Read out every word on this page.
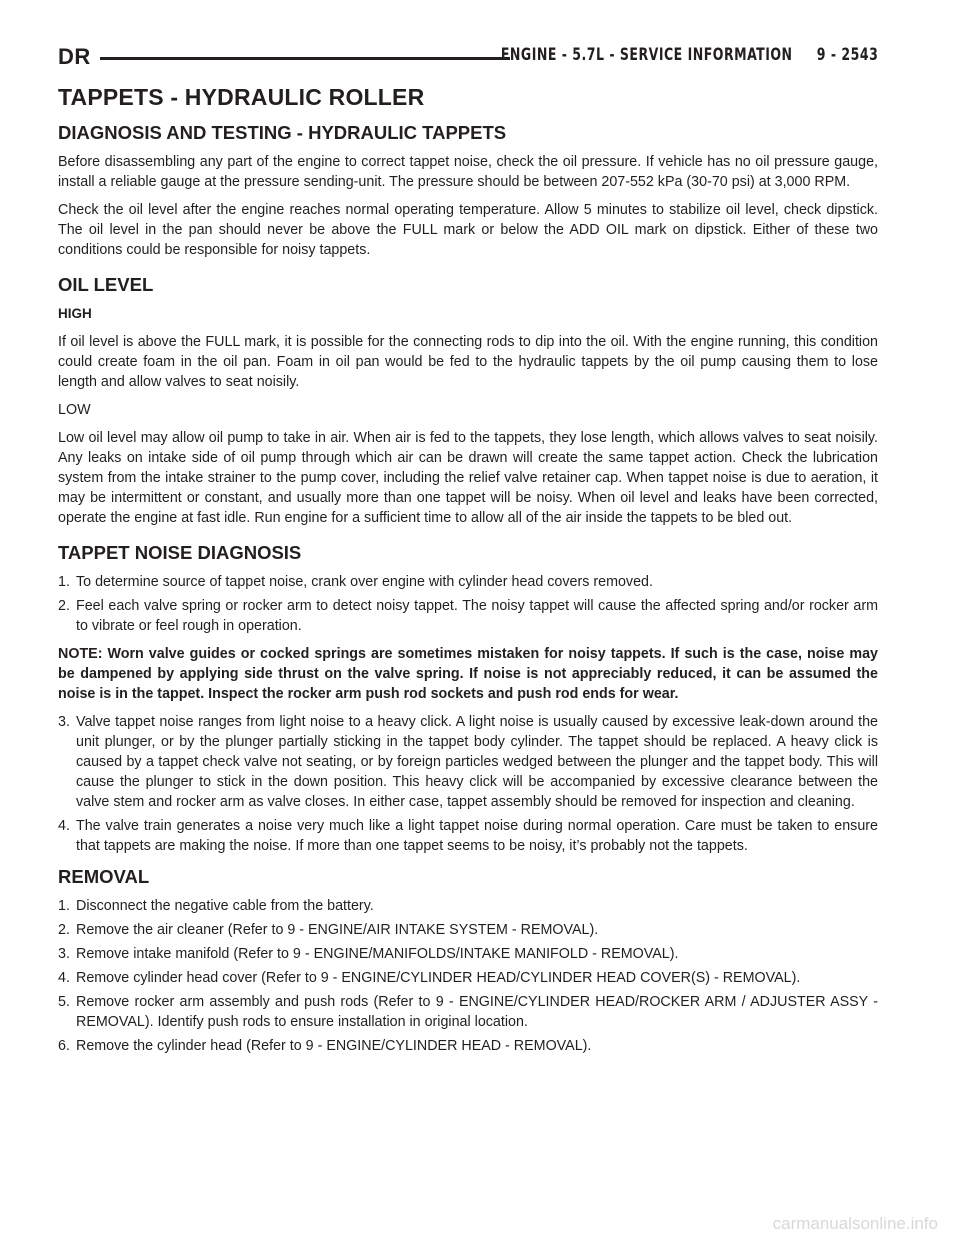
DR	ENGINE - 5.7L - SERVICE INFORMATION     9 - 2543
TAPPETS - HYDRAULIC ROLLER
DIAGNOSIS AND TESTING - HYDRAULIC TAPPETS
Before disassembling any part of the engine to correct tappet noise, check the oil pressure. If vehicle has no oil pressure gauge, install a reliable gauge at the pressure sending-unit. The pressure should be between 207-552 kPa (30-70 psi) at 3,000 RPM.
Check the oil level after the engine reaches normal operating temperature. Allow 5 minutes to stabilize oil level, check dipstick. The oil level in the pan should never be above the FULL mark or below the ADD OIL mark on dipstick. Either of these two conditions could be responsible for noisy tappets.
OIL LEVEL
HIGH
If oil level is above the FULL mark, it is possible for the connecting rods to dip into the oil. With the engine running, this condition could create foam in the oil pan. Foam in oil pan would be fed to the hydraulic tappets by the oil pump causing them to lose length and allow valves to seat noisily.
LOW
Low oil level may allow oil pump to take in air. When air is fed to the tappets, they lose length, which allows valves to seat noisily. Any leaks on intake side of oil pump through which air can be drawn will create the same tappet action. Check the lubrication system from the intake strainer to the pump cover, including the relief valve retainer cap. When tappet noise is due to aeration, it may be intermittent or constant, and usually more than one tappet will be noisy. When oil level and leaks have been corrected, operate the engine at fast idle. Run engine for a sufficient time to allow all of the air inside the tappets to be bled out.
TAPPET NOISE DIAGNOSIS
1. To determine source of tappet noise, crank over engine with cylinder head covers removed.
2. Feel each valve spring or rocker arm to detect noisy tappet. The noisy tappet will cause the affected spring and/or rocker arm to vibrate or feel rough in operation.
NOTE: Worn valve guides or cocked springs are sometimes mistaken for noisy tappets. If such is the case, noise may be dampened by applying side thrust on the valve spring. If noise is not appreciably reduced, it can be assumed the noise is in the tappet. Inspect the rocker arm push rod sockets and push rod ends for wear.
3. Valve tappet noise ranges from light noise to a heavy click. A light noise is usually caused by excessive leak-down around the unit plunger, or by the plunger partially sticking in the tappet body cylinder. The tappet should be replaced. A heavy click is caused by a tappet check valve not seating, or by foreign particles wedged between the plunger and the tappet body. This will cause the plunger to stick in the down position. This heavy click will be accompanied by excessive clearance between the valve stem and rocker arm as valve closes. In either case, tappet assembly should be removed for inspection and cleaning.
4. The valve train generates a noise very much like a light tappet noise during normal operation. Care must be taken to ensure that tappets are making the noise. If more than one tappet seems to be noisy, it’s probably not the tappets.
REMOVAL
1. Disconnect the negative cable from the battery.
2. Remove the air cleaner (Refer to 9 - ENGINE/AIR INTAKE SYSTEM - REMOVAL).
3. Remove intake manifold (Refer to 9 - ENGINE/MANIFOLDS/INTAKE MANIFOLD - REMOVAL).
4. Remove cylinder head cover (Refer to 9 - ENGINE/CYLINDER HEAD/CYLINDER HEAD COVER(S) - REMOVAL).
5. Remove rocker arm assembly and push rods (Refer to 9 - ENGINE/CYLINDER HEAD/ROCKER ARM / ADJUSTER ASSY - REMOVAL). Identify push rods to ensure installation in original location.
6. Remove the cylinder head (Refer to 9 - ENGINE/CYLINDER HEAD - REMOVAL).
carmanualsonline.info
